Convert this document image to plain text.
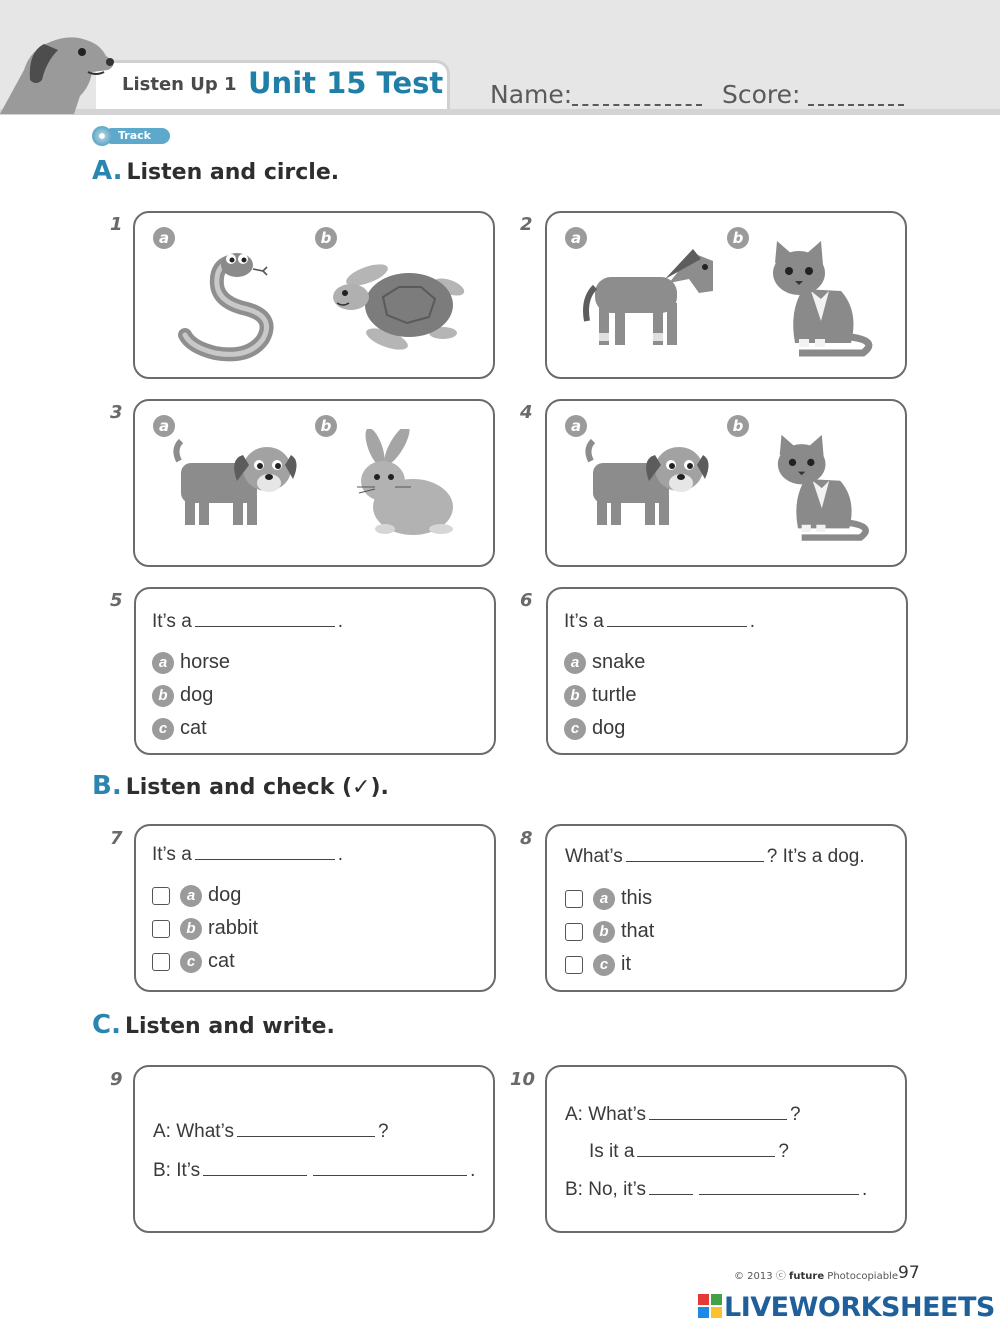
Listen Up 1 Unit 15 Test Name:	Score:
Track 18
A. Listen and circle.
1
a	b
2
a	b
3
a	b
4
a	b
5
It’s a	.
a horse
b dog
c cat
6
It’s a	.
a snake
b turtle
c dog
B. Listen and check (✓).
7
It’s a	.
a dog
b rabbit
c cat
8
What’s	? It’s a dog.
a this
b that
c it
C. Listen and write.
9
A: What’s	?
B: It’s	.
10
A: What’s	?
Is it a	?
B: No, it’s	.
© 2013 ⓒ future Photocopiable 97
LIVEWORKSHEETS
